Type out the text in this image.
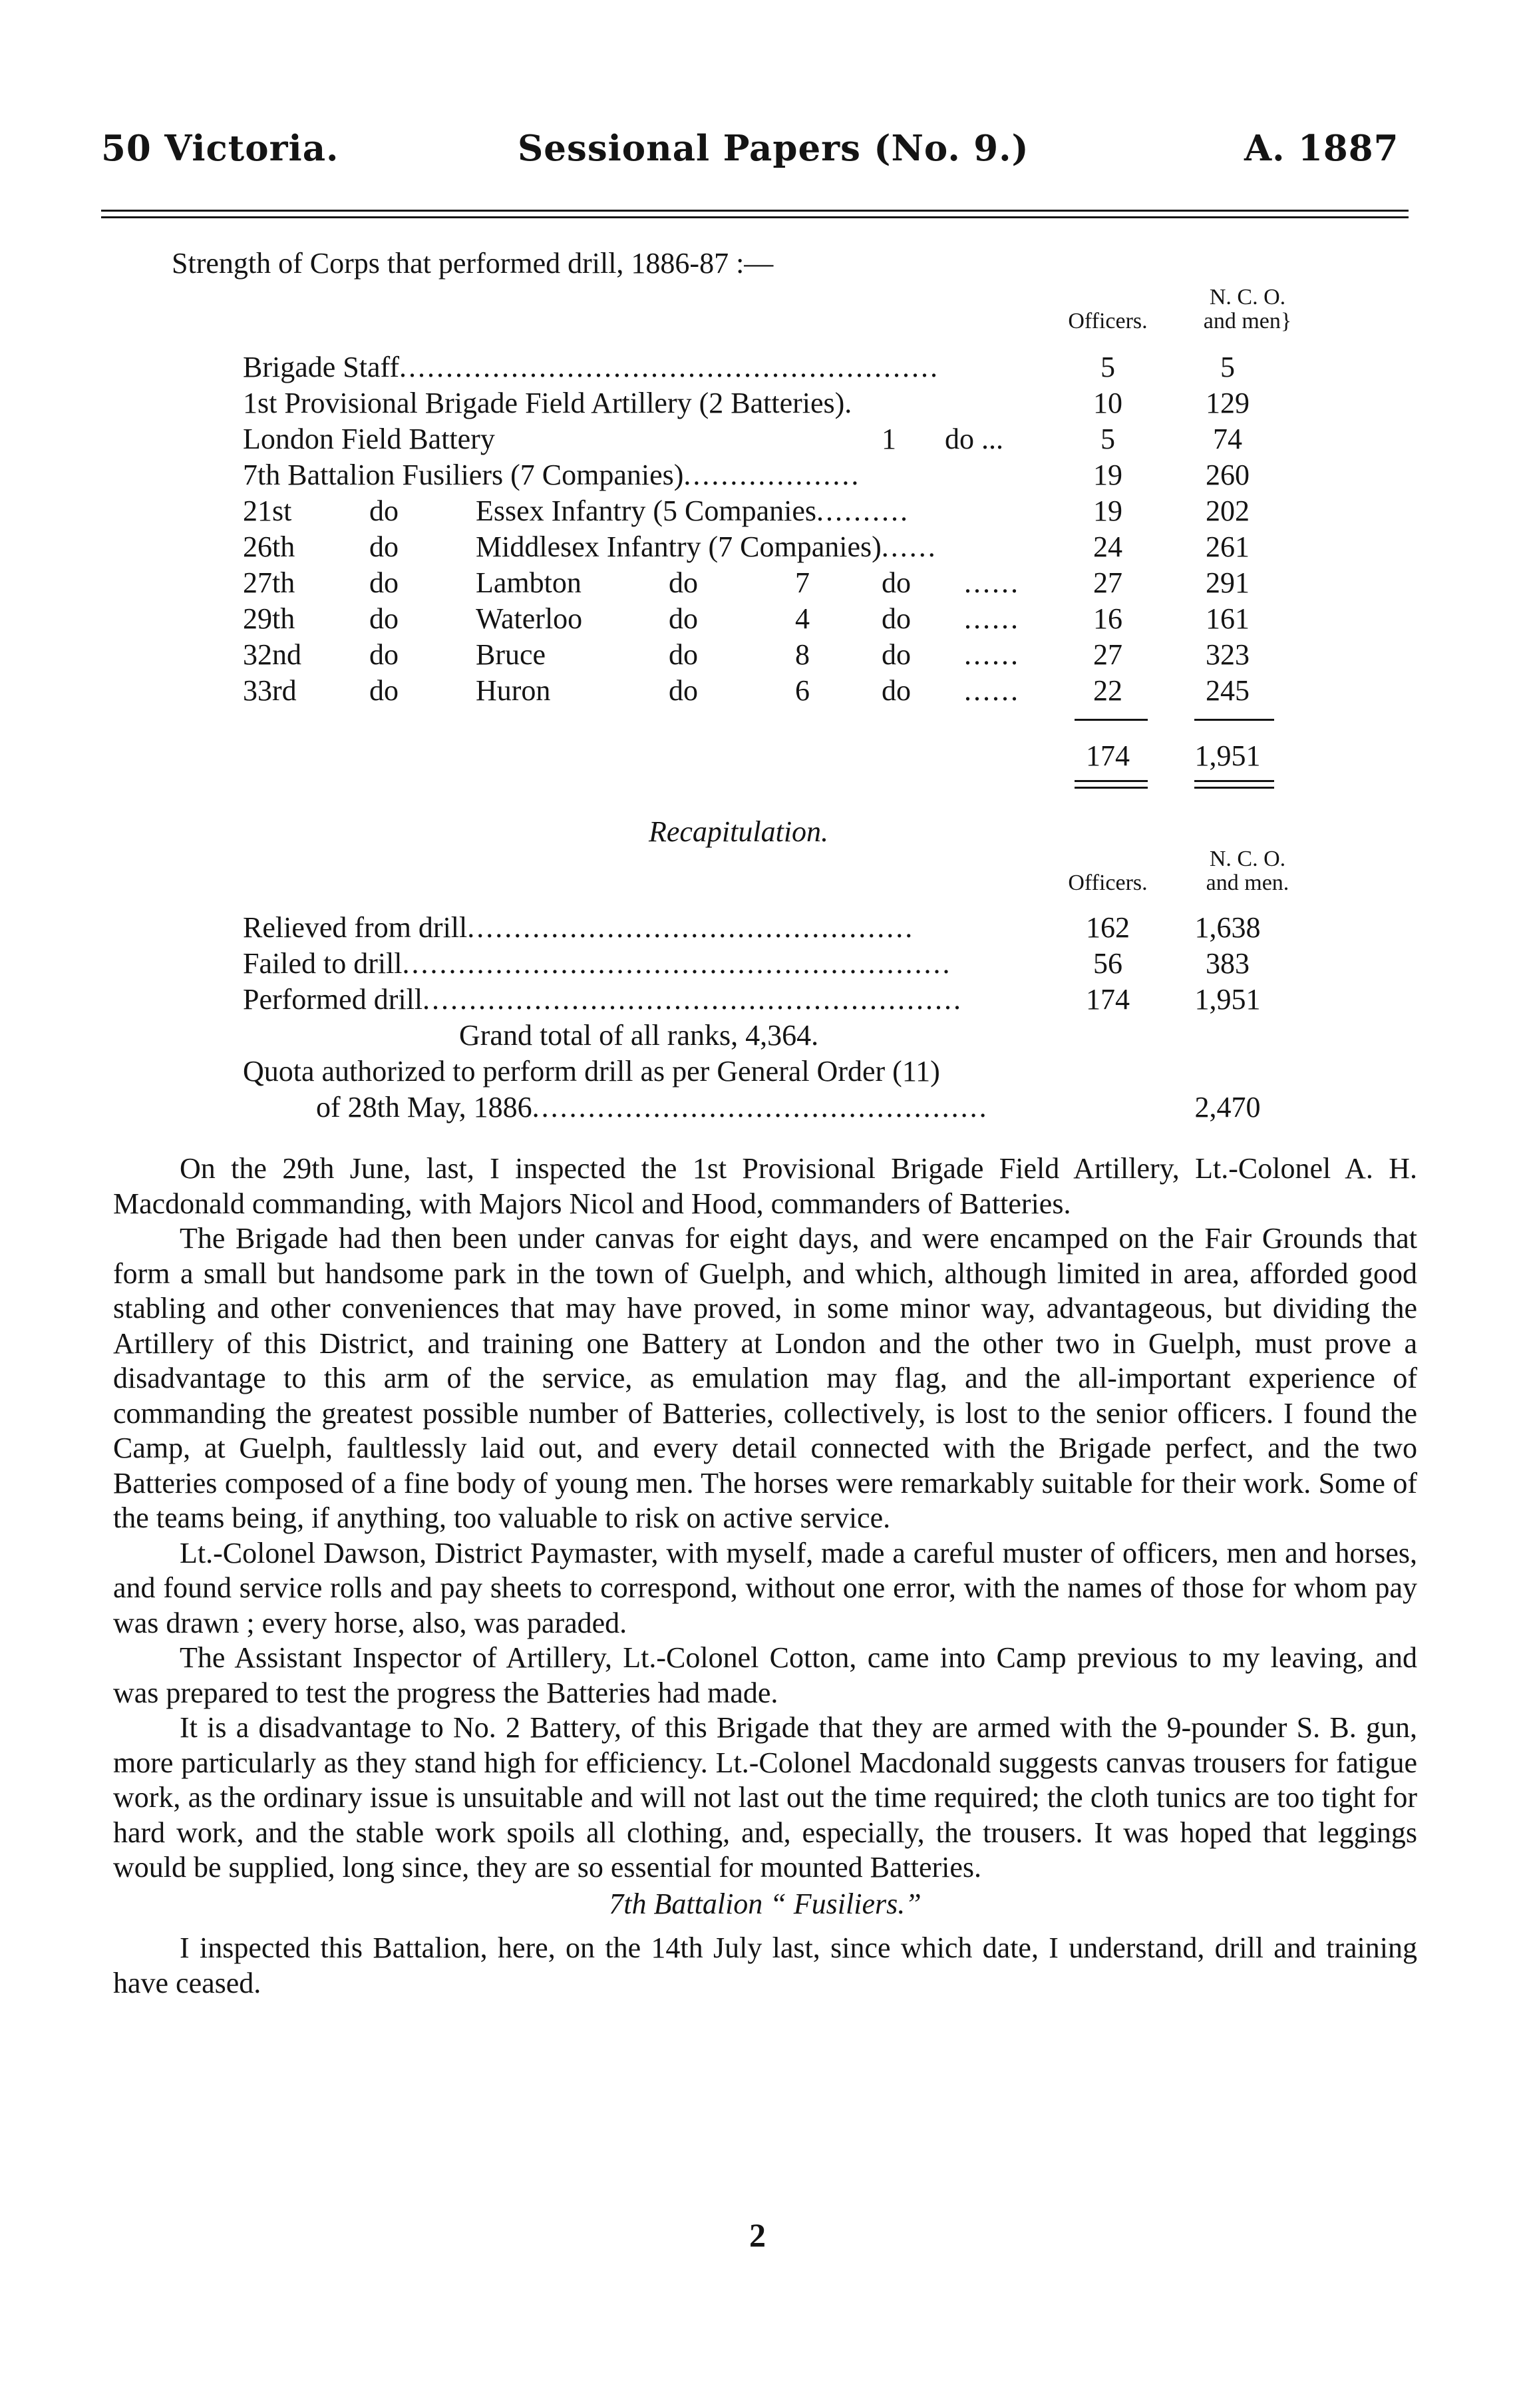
50 Victoria.	Sessional Papers (No. 9.)	A. 1887
Strength of Corps that performed drill, 1886-87 :—
Officers.
N. C. O.
and men}
Brigade Staff..........................................................	5	5
1st Provisional Brigade Field Artillery (2 Batteries).	10	129
London Field Battery	1 do ...	5	74
7th Battalion Fusiliers (7 Companies)...................	19	260
21st	do	Essex Infantry (5 Companies..........	19	202
26th	do	Middlesex Infantry (7 Companies)......	24	261
27th	do	Lambton	do	7 do ......	27	291
29th	do	Waterloo	do	4 do ......	16	161
32nd do	Bruce	do	8 do ......	27	323
33rd do	Huron	do	6 do ......	22	245
174	1,951
Recapitulation.
Officers.
N. C. O.
and men.
Relieved from drill................................................	162	1,638
Failed to drill...........................................................	56	383
Performed drill..........................................................	174	1,951
Grand total of all ranks, 4,364.
Quota authorized to perform drill as per General Order (11)
of 28th May, 1886.................................................	2,470

On the 29th June, last, I inspected the 1st Provisional Brigade Field Artillery, Lt.-Colonel A. H. Macdonald commanding, with Majors Nicol and Hood, commanders of Batteries.

The Brigade had then been under canvas for eight days, and were encamped on the Fair Grounds that form a small but handsome park in the town of Guelph, and which, although limited in area, afforded good stabling and other conveniences that may have proved, in some minor way, advantageous, but dividing the Artillery of this District, and training one Battery at London and the other two in Guelph, must prove a disadvantage to this arm of the service, as emulation may flag, and the all-important experience of commanding the greatest possible number of Batteries, collectively, is lost to the senior officers. I found the Camp, at Guelph, faultlessly laid out, and every detail connected with the Brigade perfect, and the two Batteries composed of a fine body of young men. The horses were remarkably suitable for their work. Some of the teams being, if anything, too valuable to risk on active service.

Lt.-Colonel Dawson, District Paymaster, with myself, made a careful muster of officers, men and horses, and found service rolls and pay sheets to correspond, without one error, with the names of those for whom pay was drawn ; every horse, also, was paraded.

The Assistant Inspector of Artillery, Lt.-Colonel Cotton, came into Camp previous to my leaving, and was prepared to test the progress the Batteries had made.

It is a disadvantage to No. 2 Battery, of this Brigade that they are armed with the 9-pounder S. B. gun, more particularly as they stand high for efficiency. Lt.-Colonel Macdonald suggests canvas trousers for fatigue work, as the ordinary issue is unsuitable and will not last out the time required; the cloth tunics are too tight for hard work, and the stable work spoils all clothing, and, especially, the trousers. It was hoped that leggings would be supplied, long since, they are so essential for mounted Batteries.

7th Battalion “ Fusiliers.”

I inspected this Battalion, here, on the 14th July last, since which date, I understand, drill and training have ceased.

2
